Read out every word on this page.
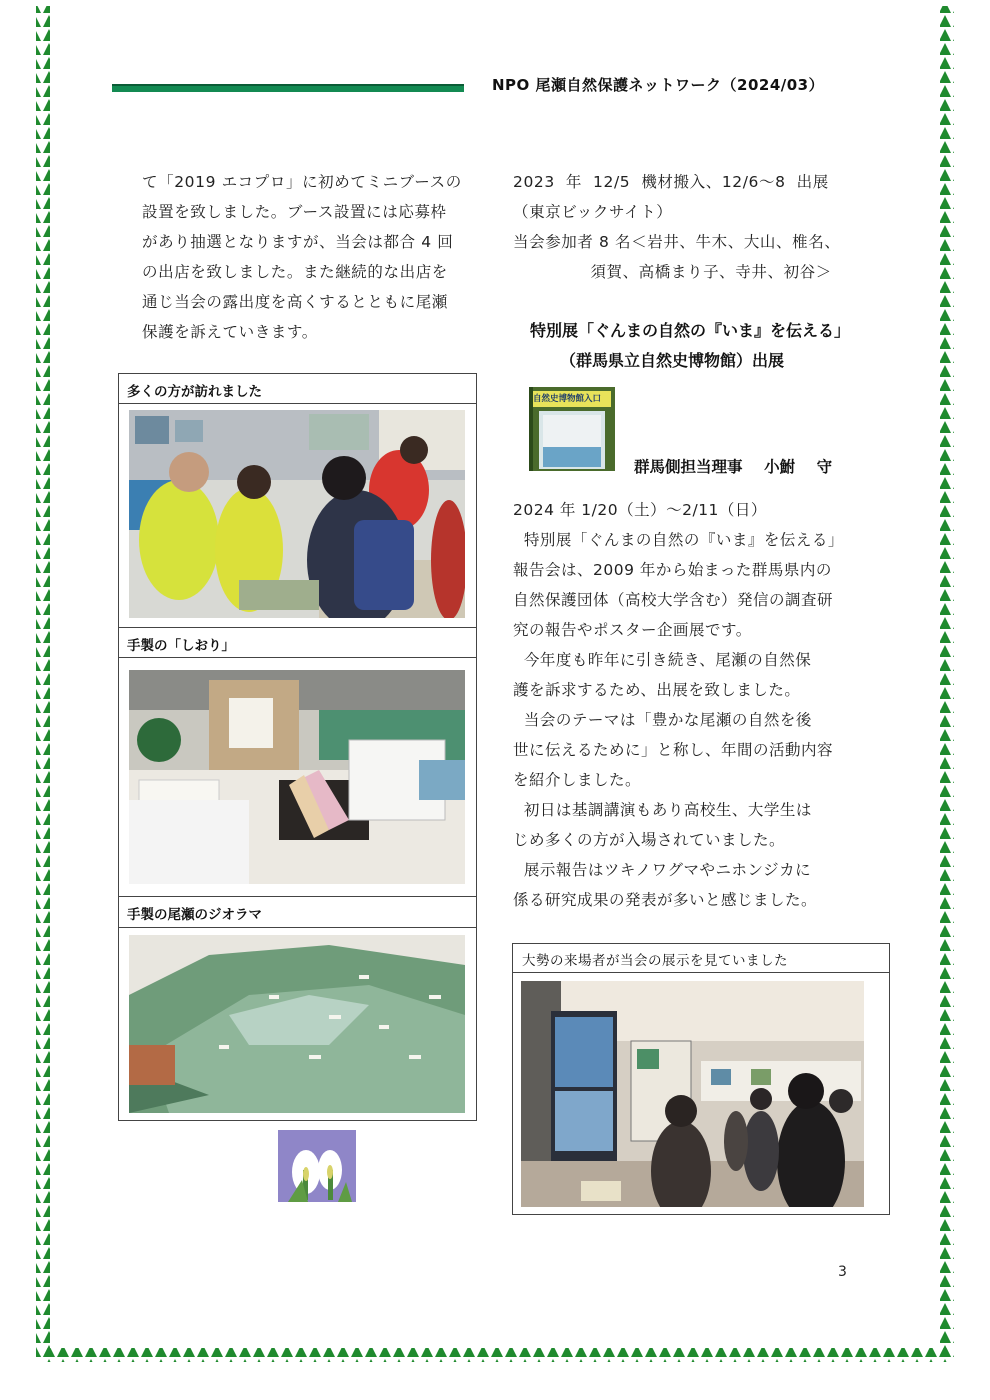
NPO 尾瀬自然保護ネットワーク（2024/03）

て「2019 エコプロ」に初めてミニブースの
設置を致しました。ブース設置には応募枠
があり抽選となりますが、当会は都合 4 回
の出店を致しました。また継続的な出店を
通じ当会の露出度を高くするとともに尾瀬
保護を訴えていきます。

多くの方が訪れました
手製の「しおり」
手製の尾瀬のジオラマ

2023  年  12/5  機材搬入、12/6～8  出展
（東京ビックサイト）
当会参加者 8 名＜岩井、牛木、大山、椎名、
須賀、高橋まり子、寺井、初谷＞

特別展「ぐんまの自然の『いま』を伝える」
（群馬県立自然史博物館）出展
自然史博物館入口
群馬側担当理事    小鮒    守

2024 年 1/20（土）～2/11（日）
特別展「ぐんまの自然の『いま』を伝える」
報告会は、2009 年から始まった群馬県内の
自然保護団体（高校大学含む）発信の調査研
究の報告やポスター企画展です。
今年度も昨年に引き続き、尾瀬の自然保
護を訴求するため、出展を致しました。
当会のテーマは「豊かな尾瀬の自然を後
世に伝えるために」と称し、年間の活動内容
を紹介しました。
初日は基調講演もあり高校生、大学生は
じめ多くの方が入場されていました。
展示報告はツキノワグマやニホンジカに
係る研究成果の発表が多いと感じました。

大勢の来場者が当会の展示を見ていました
3
